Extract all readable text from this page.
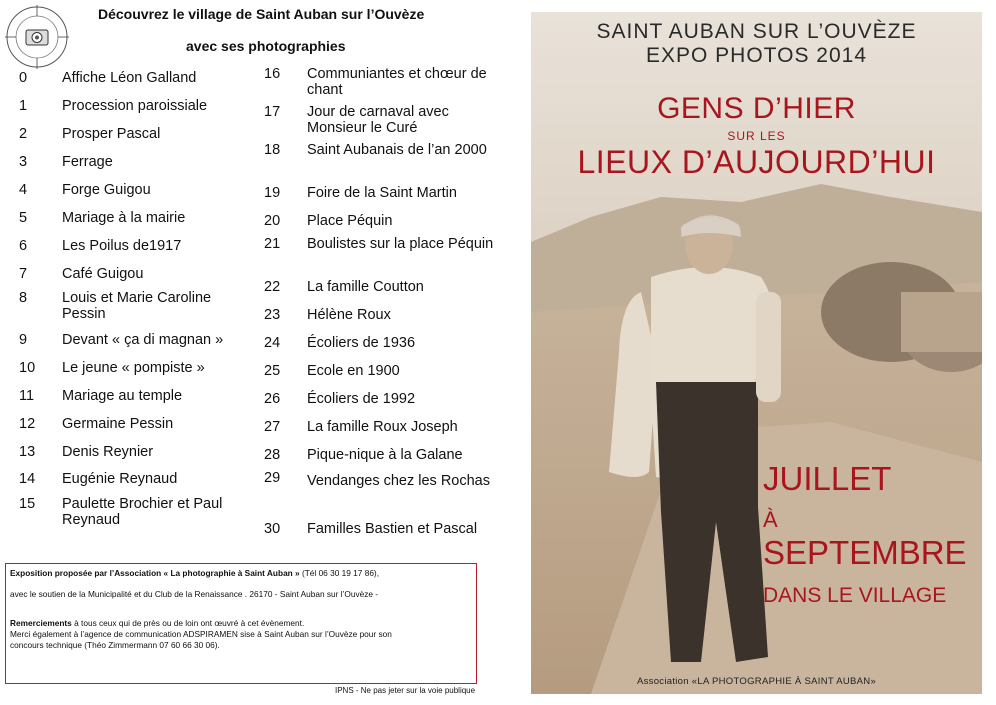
Découvrez le village de Saint Auban sur l’Ouvèze
avec ses photographies
0	Affiche Léon Galland
1	Procession paroissiale
2	Prosper Pascal
3	Ferrage
4	Forge Guigou
5	Mariage à la mairie
6	Les Poilus de1917
7	Café Guigou
8	Louis et Marie Caroline Pessin
9	Devant « ça di magnan »
10	Le jeune « pompiste »
11	Mariage au temple
12	Germaine Pessin
13	Denis Reynier
14	Eugénie Reynaud
15	Paulette Brochier et Paul Reynaud
16	Communiantes et chœur de chant
17	Jour de carnaval avec Monsieur le Curé
18	Saint Aubanais de l’an 2000
19	Foire de la Saint Martin
20	Place Péquin
21	Boulistes sur la place Péquin
22	La famille Coutton
23	Hélène Roux
24	Écoliers de 1936
25	Ecole en 1900
26	Écoliers de 1992
27	La famille Roux Joseph
28	Pique-nique à la Galane
29	Vendanges chez les Rochas
30	Familles Bastien et Pascal

Exposition proposée par l’Association « La photographie à Saint Auban » (Tél 06 30 19 17 86),

avec le soutien de la Municipalité et du Club de la Renaissance . 26170 - Saint Auban sur l’Ouvèze -

Remerciements à tous ceux qui de près ou de loin ont œuvré à cet évènement.

Merci également à l’agence de communication ADSPIRAMEN sise à Saint Auban sur l’Ouvèze pour son

concours technique (Théo Zimmermann 07 60 66 30 06).

IPNS - Ne pas jeter sur la voie publique
SAINT AUBAN SUR L’OUVÈZE
EXPO PHOTOS 2014
GENS D’HIER
SUR LES
LIEUX D’AUJOURD’HUI
JUILLET
À
SEPTEMBRE
DANS LE VILLAGE
Association «LA PHOTOGRAPHIE À SAINT AUBAN»
